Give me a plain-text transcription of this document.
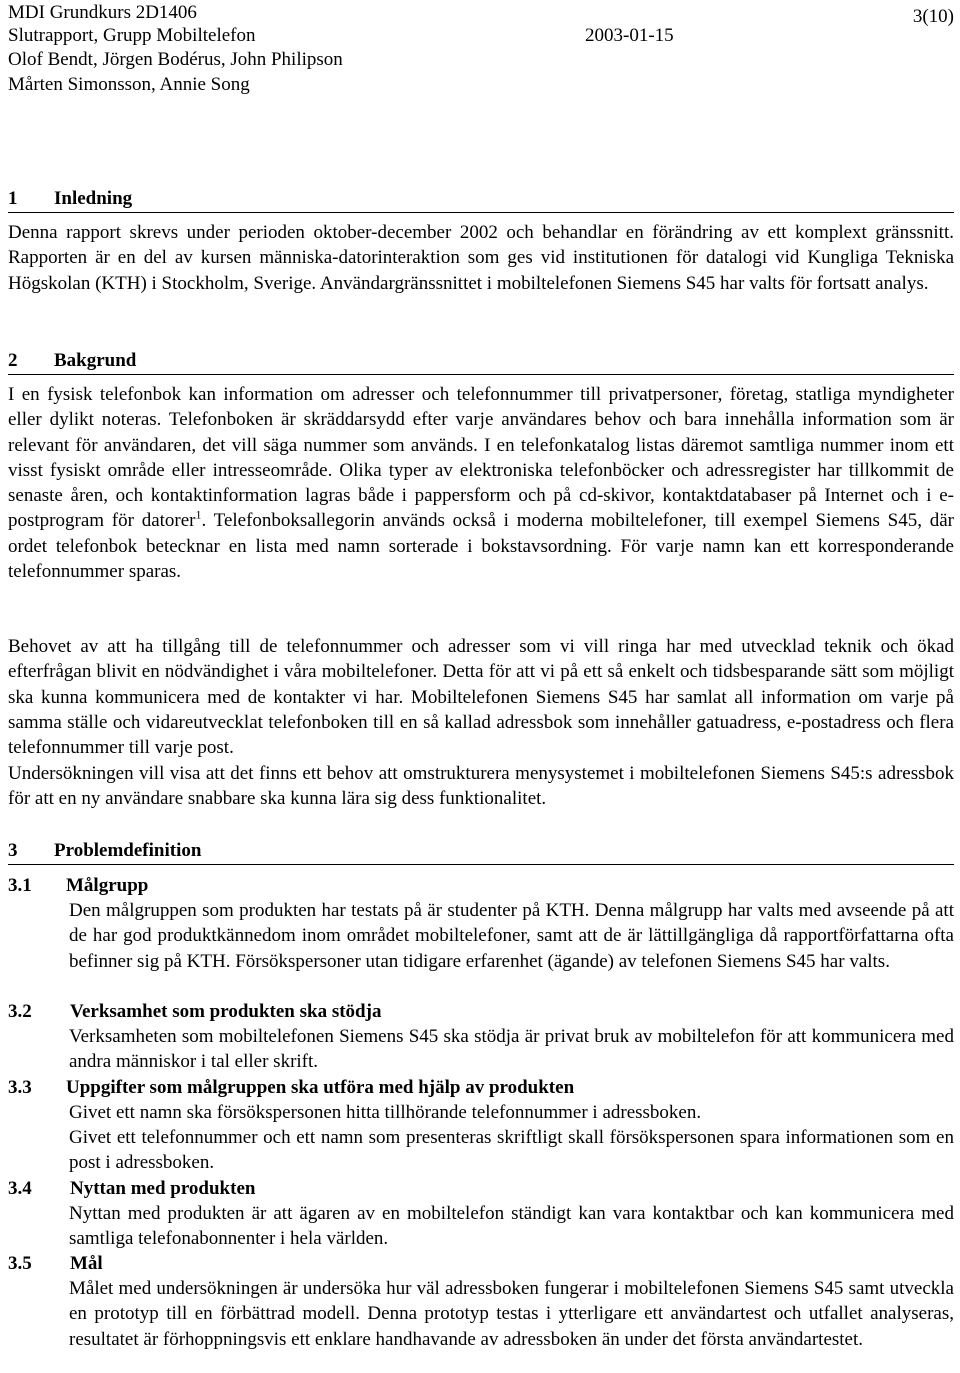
MDI Grundkurs 2D1406
Slutrapport, Grupp Mobiltelefon
Olof Bendt, Jörgen Bodérus, John Philipson
Mårten Simonsson, Annie Song
2003-01-15
3(10)
1 Inledning

Denna rapport skrevs under perioden oktober-december 2002 och behandlar en förändring av ett komplext gränssnitt. Rapporten är en del av kursen människa-datorinteraktion som ges vid institutionen för datalogi vid Kungliga Tekniska Högskolan (KTH) i Stockholm, Sverige. Användargränssnittet i mobiltelefonen Siemens S45 har valts för fortsatt analys.

2 Bakgrund

I en fysisk telefonbok kan information om adresser och telefonnummer till privatpersoner, företag, statliga myndigheter eller dylikt noteras. Telefonboken är skräddarsydd efter varje användares behov och bara innehålla information som är relevant för användaren, det vill säga nummer som används. I en telefonkatalog listas däremot samtliga nummer inom ett visst fysiskt område eller intresseområde. Olika typer av elektroniska telefonböcker och adressregister har tillkommit de senaste åren, och kontaktinformation lagras både i pappersform och på cd-skivor, kontaktdatabaser på Internet och i e-postprogram för datorer$^1$. Telefonboksallegorin används också i moderna mobiltelefoner, till exempel Siemens S45, där ordet telefonbok betecknar en lista med namn sorterade i bokstavsordning. För varje namn kan ett korresponderande telefonnummer sparas.

Behovet av att ha tillgång till de telefonnummer och adresser som vi vill ringa har med utvecklad teknik och ökad efterfrågan blivit en nödvändighet i våra mobiltelefoner. Detta för att vi på ett så enkelt och tidsbesparande sätt som möjligt ska kunna kommunicera med de kontakter vi har. Mobiltelefonen Siemens S45 har samlat all information om varje på samma ställe och vidareutvecklat telefonboken till en så kallad adressbok som innehåller gatuadress, e-postadress och flera telefonnummer till varje post.

Undersökningen vill visa att det finns ett behov att omstrukturera menysystemet i mobiltelefonen Siemens S45:s adressbok för att en ny användare snabbare ska kunna lära sig dess funktionalitet.

3 Problemdefinition
3.1 Målgrupp

Den målgruppen som produkten har testats på är studenter på KTH. Denna målgrupp har valts med avseende på att de har god produktkännedom inom området mobiltelefoner, samt att de är lättillgängliga då rapportförfattarna ofta befinner sig på KTH. Försökspersoner utan tidigare erfarenhet (ägande) av telefonen Siemens S45 har valts.

3.2 Verksamhet som produkten ska stödja

Verksamheten som mobiltelefonen Siemens S45 ska stödja är privat bruk av mobiltelefon för att kommunicera med andra människor i tal eller skrift.

3.3 Uppgifter som målgruppen ska utföra med hjälp av produkten

Givet ett namn ska försökspersonen hitta tillhörande telefonnummer i adressboken.

Givet ett telefonnummer och ett namn som presenteras skriftligt skall försökspersonen spara informationen som en post i adressboken.

3.4 Nyttan med produkten

Nyttan med produkten är att ägaren av en mobiltelefon ständigt kan vara kontaktbar och kan kommunicera med samtliga telefonabonnenter i hela världen.

3.5 Mål

Målet med undersökningen är undersöka hur väl adressboken fungerar i mobiltelefonen Siemens S45 samt utveckla en prototyp till en förbättrad modell. Denna prototyp testas i ytterligare ett användartest och utfallet analyseras, resultatet är förhoppningsvis ett enklare handhavande av adressboken än under det första användartestet.
